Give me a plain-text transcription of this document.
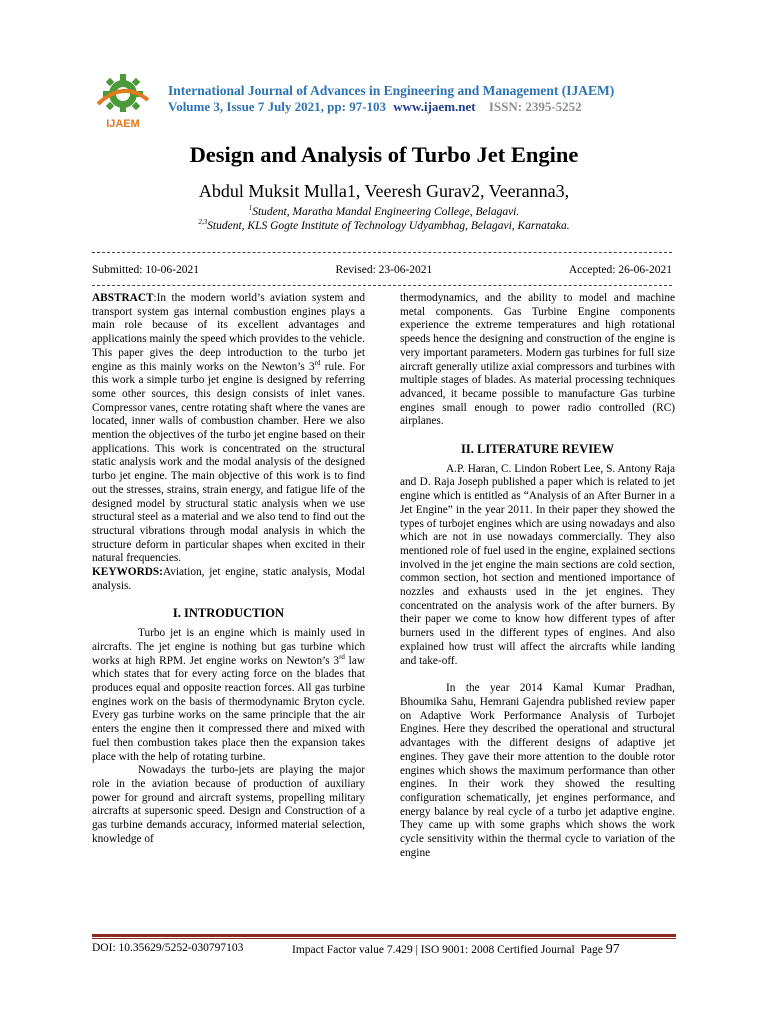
IJAEM
International Journal of Advances in Engineering and Management (IJAEM)
Volume 3, Issue 7 July 2021, pp: 97-103 www.ijaem.net ISSN: 2395-5252
Design and Analysis of Turbo Jet Engine
Abdul Muksit Mulla1, Veeresh Gurav2, Veeranna3,
$^1$Student, Maratha Mandal Engineering College, Belagavi.
$^{2,3}$Student, KLS Gogte Institute of Technology Udyambhag, Belagavi, Karnataka.
Submitted: 10-06-2021	Revised: 23-06-2021	Accepted: 26-06-2021

ABSTRACT:In the modern world’s aviation system and transport system gas internal combustion engines plays a main role because of its excellent advantages and applications mainly the speed which provides to the vehicle. This paper gives the deep introduction to the turbo jet engine as this mainly works on the Newton’s 3rd rule. For this work a simple turbo jet engine is designed by referring some other sources, this design consists of inlet vanes. Compressor vanes, centre rotating shaft where the vanes are located, inner walls of combustion chamber. Here we also mention the objectives of the turbo jet engine based on their applications. This work is concentrated on the structural static analysis work and the modal analysis of the designed turbo jet engine. The main objective of this work is to find out the stresses, strains, strain energy, and fatigue life of the designed model by structural static analysis when we use structural steel as a material and we also tend to find out the structural vibrations through modal analysis in which the structure deform in particular shapes when excited in their natural frequencies.

KEYWORDS:Aviation, jet engine, static analysis, Modal analysis.

I. INTRODUCTION

Turbo jet is an engine which is mainly used in aircrafts. The jet engine is nothing but gas turbine which works at high RPM. Jet engine works on Newton’s 3rd law which states that for every acting force on the blades that produces equal and opposite reaction forces. All gas turbine engines work on the basis of thermodynamic Bryton cycle. Every gas turbine works on the same principle that the air enters the engine then it compressed there and mixed with fuel then combustion takes place then the expansion takes place with the help of rotating turbine.

Nowadays the turbo-jets are playing the major role in the aviation because of production of auxiliary power for ground and aircraft systems, propelling military aircrafts at supersonic speed. Design and Construction of a gas turbine demands accuracy, informed material selection, knowledge of

thermodynamics, and the ability to model and machine metal components. Gas Turbine Engine components experience the extreme temperatures and high rotational speeds hence the designing and construction of the engine is very important parameters. Modern gas turbines for full size aircraft generally utilize axial compressors and turbines with multiple stages of blades. As material processing techniques advanced, it became possible to manufacture Gas turbine engines small enough to power radio controlled (RC) airplanes.

II. LITERATURE REVIEW

A.P. Haran, C. Lindon Robert Lee, S. Antony Raja and D. Raja Joseph published a paper which is related to jet engine which is entitled as “Analysis of an After Burner in a Jet Engine” in the year 2011. In their paper they showed the types of turbojet engines which are using nowadays and also which are not in use nowadays commercially. They also mentioned role of fuel used in the engine, explained sections involved in the jet engine the main sections are cold section, common section, hot section and mentioned importance of nozzles and exhausts used in the jet engines. They concentrated on the analysis work of the after burners. By their paper we come to know how different types of after burners used in the different types of engines. And also explained how trust will affect the aircrafts while landing and take-off.

In the year 2014 Kamal Kumar Pradhan, Bhoumika Sahu, Hemrani Gajendra published review paper on Adaptive Work Performance Analysis of Turbojet Engines. Here they described the operational and structural advantages with the different designs of adaptive jet engines. They gave their more attention to the double rotor engines which shows the maximum performance than other engines. In their work they showed the resulting configuration schematically, jet engines performance, and energy balance by real cycle of a turbo jet adaptive engine. They came up with some graphs which shows the work cycle sensitivity within the thermal cycle to variation of the engine

DOI: 10.35629/5252-030797103	Impact Factor value 7.429 | ISO 9001: 2008 Certified Journal Page 97
